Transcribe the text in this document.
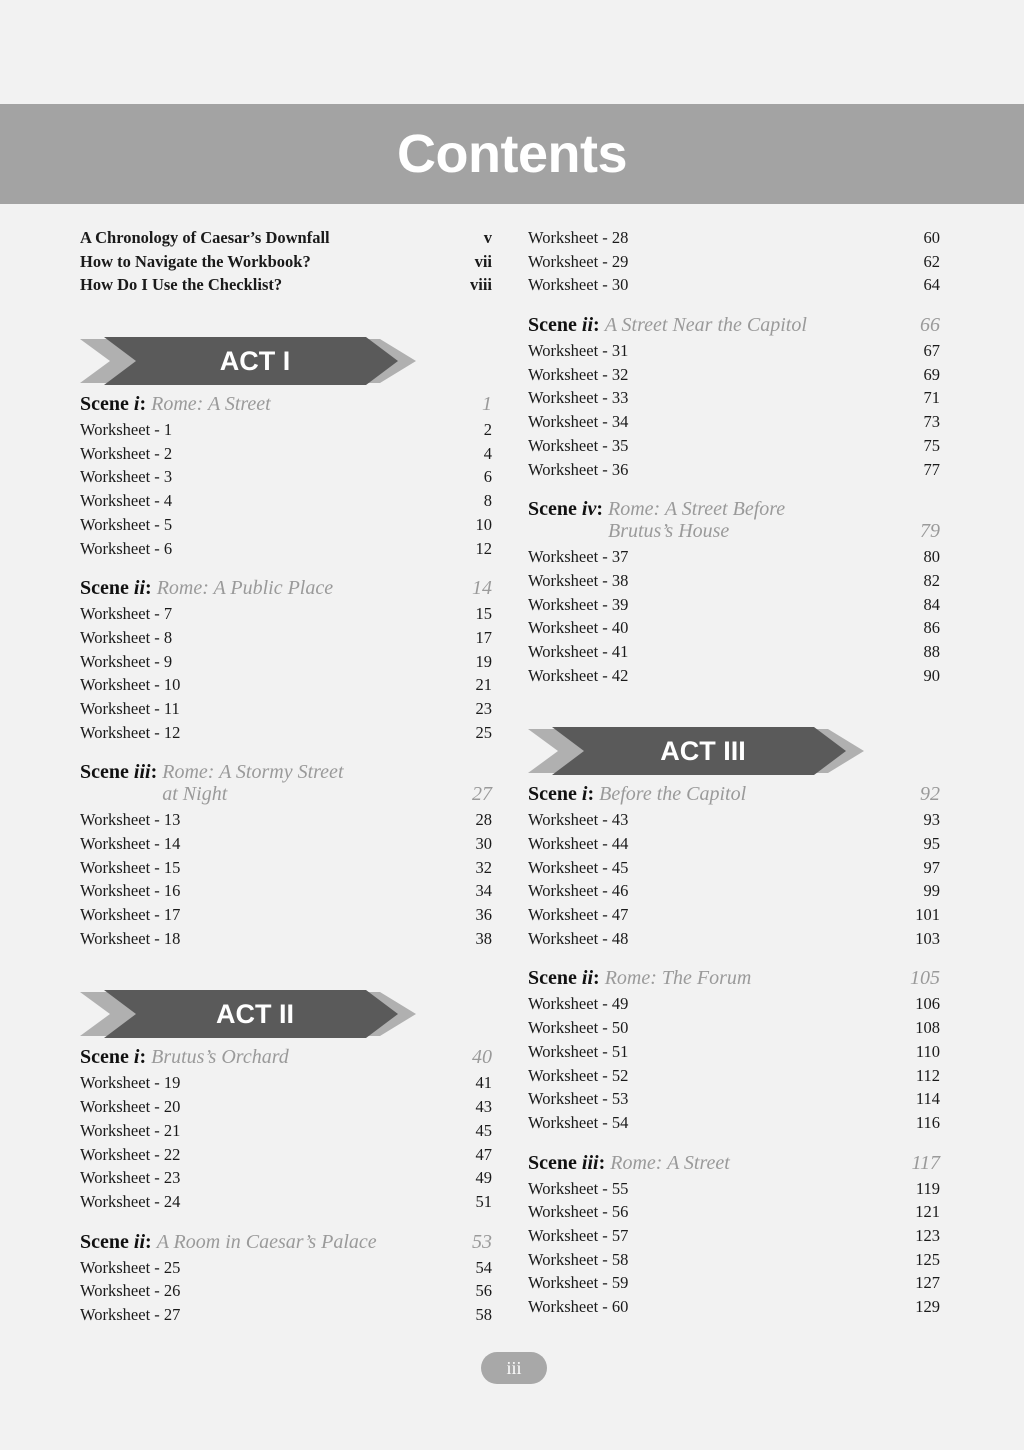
Contents
A Chronology of Caesar’s Downfall	v
How to Navigate the Workbook?	vii
How Do I Use the Checklist?	viii
ACT I
Scene i: Rome: A Street	1
Worksheet - 1	2
Worksheet - 2	4
Worksheet - 3	6
Worksheet - 4	8
Worksheet - 5	10
Worksheet - 6	12
Scene ii: Rome: A Public Place	14
Worksheet - 7	15
Worksheet - 8	17
Worksheet - 9	19
Worksheet - 10	21
Worksheet - 11	23
Worksheet - 12	25
Scene iii: Rome: A Stormy Street
at Night	27
Worksheet - 13	28
Worksheet - 14	30
Worksheet - 15	32
Worksheet - 16	34
Worksheet - 17	36
Worksheet - 18	38
ACT II
Scene i: Brutus’s Orchard	40
Worksheet - 19	41
Worksheet - 20	43
Worksheet - 21	45
Worksheet - 22	47
Worksheet - 23	49
Worksheet - 24	51
Scene ii: A Room in Caesar’s Palace	53
Worksheet - 25	54
Worksheet - 26	56
Worksheet - 27	58
Worksheet - 28	60
Worksheet - 29	62
Worksheet - 30	64
Scene ii: A Street Near the Capitol	66
Worksheet - 31	67
Worksheet - 32	69
Worksheet - 33	71
Worksheet - 34	73
Worksheet - 35	75
Worksheet - 36	77
Scene iv: Rome: A Street Before
Brutus’s House	79
Worksheet - 37	80
Worksheet - 38	82
Worksheet - 39	84
Worksheet - 40	86
Worksheet - 41	88
Worksheet - 42	90
ACT III
Scene i: Before the Capitol	92
Worksheet - 43	93
Worksheet - 44	95
Worksheet - 45	97
Worksheet - 46	99
Worksheet - 47	101
Worksheet - 48	103
Scene ii: Rome: The Forum	105
Worksheet - 49	106
Worksheet - 50	108
Worksheet - 51	110
Worksheet - 52	112
Worksheet - 53	114
Worksheet - 54	116
Scene iii: Rome: A Street	117
Worksheet - 55	119
Worksheet - 56	121
Worksheet - 57	123
Worksheet - 58	125
Worksheet - 59	127
Worksheet - 60	129
iii
